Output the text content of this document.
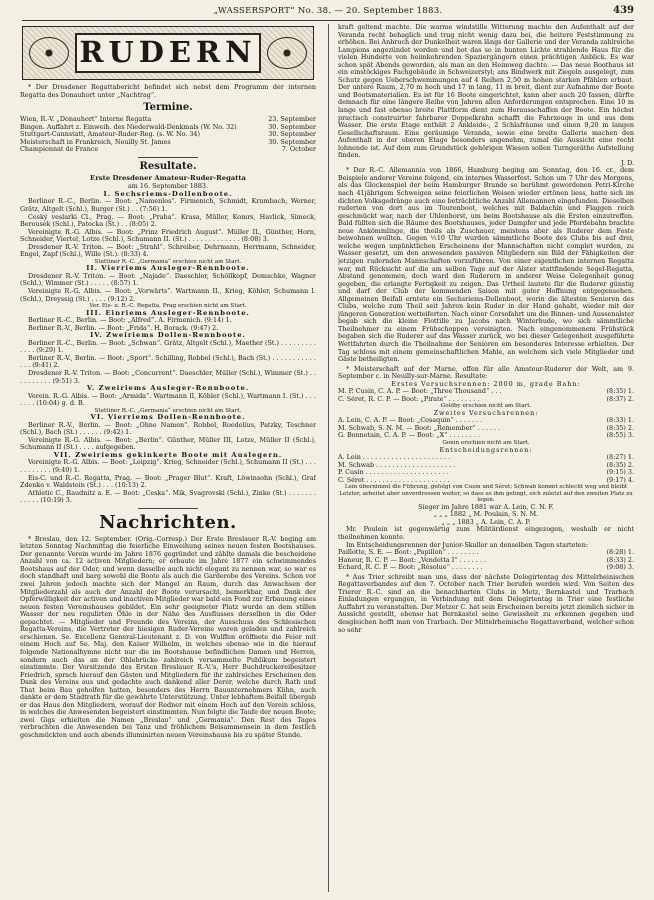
„WASSERSPORT“ No. 38. — 20. September 1883.	439
RUDERN

* Der Dresdener Regattabericht befindet sich nebst dem Programm der internen Regatta des Donauhort unter „Nachtrag“.

Termine.
Wien, R.-V. „Donauhort“ Interne Regatta	23. September
Bingen. Auffahrt z. Einweih. des Niederwald-Denkmals (W. No. 32)	30. September
Stuttgart-Cannstatt, Amateur-Ruder-Reg. (s. W. No. 34)	30. September
Meisterschaft in Frankreich, Neuilly St. James	30. September
Championnat de France	7. October
Resultate.
Erste Dresdener Amateur-Ruder-Regatta
am 16. September 1883.

I. Sechsriems-Dollenboote.

Berliner R.-C., Berlin. — Boot: „Namenlos“. Firmenich, Schmidt, Krumbach, Werner, Grätz, Altgelt (Schl.), Burger (St.) . . (7:56) 1.

Ceský veslarki Cl., Prag. — Boot: „Praha“. Krasa, Müller, Komrs, Havlick, Simeck, Berousek (Schl.), Patocka (St.) . . (8:05) 2.

Vereinigte R.-G. Albis. — Boot: „Prinz Friedrich August“. Müller II., Günther, Horn, Schneider, Viertel, Lotze (Schl.), Schumann II. (St.) . . . . . . . . . . . . . (8:08) 3.

Dresdener R.-V. Triton. — Boot: „Strahl“. Schreiber, Dehrmann, Herrmann, Schneider, Engel, Zapf (Schl.), Wille (St.). (8:33) 4.

Stettiner R.-C. „Germania“ erschien nicht am Start.

II. Vierriems Ausleger-Rennboote.

Dresdener R.-V. Triton. — Boot: „Najade“. Daeschler, Schöllkopf, Domschke, Wagner (Schl.), Wimmer (St.) . . . . . (8:57) 1.

Vereinigte R.-G. Albis. — Boot: „Vorwärts“. Wartmann II., Krieg, Köhler, Schumann I. (Schl.), Dreyssig (St.) . . . . (9:12) 2.

Ver. Eis- u. R.-C. Regatta, Prag erschien nicht am Start.

III. Einriems Ausleger-Rennboote.

Berliner R.-C., Berlin. — Boot: „Alfred“. A. Firmenich. (9:14) 1.

Berliner R.-V., Berlin. — Boot: „Frida“. H. Borack. (9:47) 2.

IV. Zweiriems Dollen-Rennboote.

Berliner R.-C., Berlin. — Boot: „Schwan“. Grätz, Altgelt (Schl.), Maether (St.) . . . . . . . . . . . . . (9:29) 1.

Berliner R.-V., Berlin. — Boot: „Sport“. Schilling, Robbel (Schl.), Bach (St.) . . . . . . . . . . . . . . (9:41) 2.

Dresdener R.-V. Triton. — Boot: „Concurrent“. Daeschler, Müller (Schl.), Wimmer (St.) . . . . . . . . . . (9:51) 3.

V. Zweiriems Ausleger-Rennboote.

Verein. R.-G. Albis. — Boot: „Armida“. Wartmann II, Köhler (Schl.), Wartmann I. (St.) . . . . . . . (10:04) g. d. B.

Stettiner R.-C. „Germania“ erschien nicht am Start.

VI. Vierriems Dollen-Rennboote.

Berliner R.-V., Berlin. — Boot: „Ohne Namen“. Robbel, Roedelius, Patzky, Teschner (Schl.), Bach (St.) . . . . . . (9:42) 1.

Vereinigte R.-G. Albis. — Boot: „Berlin“. Günther, Müller III, Lotze, Müller II (Schl.), Schumann II (St.) . . . . aufgegeben.

VII. Zweiriems gekinkerte Boote mit Auslegern.

Vereinigte R.-G. Albis. — Boot: „Leipzig“. Krieg, Schneider (Schl.), Schumann II (St.) . . . . . . . . . . . (9:49) 1.

Eis-C. und R.-C. Regatta, Prag. — Boot: „Prager Blut“. Kraft, Löwinsohn (Schl.), Graf Zdenko v. Waldstein (St.) . . . (10:13) 2.

Athletic C., Raudnitz a. E. — Boot: „Ceska“. Mik, Svagrovski (Schl.), Zinke (St.) . . . . . . . . . . . . (10:19) 3.

Nachrichten.

* Breslau, den 12. September. (Orig.-Corresp.) Der Erste Breslauer R.-V. beging am letzten Sonntag Nachmittag die feierliche Einweihung seines neuen festen Bootshauses. Der genannte Verein wurde im Jahre 1876 gegründet und zählte damals die bescheidene Anzahl von ca. 12 activen Mitgliedern; er erbaute im Jahre 1877 ein schwimmendes Bootshaus auf der Oder, und wenn dasselbe auch nicht elegant zu nennen war, so war es doch standhaft und barg sowohl die Boote als auch die Garderobe des Vereins. Schon vor zwei Jahren jedoch machte sich der Mangel an Raum, durch das Anwachsen der Mitgliederzahl als auch der Anzahl der Boote verursacht, bemerkbar, und Dank der Opferwilligkeit der activen und inactiven Mitglieder war bald ein Fond zur Erbauung eines neuen festen Vereinshauses gebildet. Ein sehr geeigneter Platz wurde an dem stillen Wasser der neu regulirten Ohle in der Nähe des Ausflusses derselben in die Oder gepachtet. — Mitglieder und Freunde des Vereins, der Ausschuss des Schlesischen Regatta-Vereins, die Vertreter der hiesigen Ruder-Vereine waren geladen und zahlreich erschienen. Se. Excellenz General-Lieutenant z. D. von Wulffen eröffnete die Feier mit einem Hoch auf Se. Maj. den Kaiser Wilhelm, in welches ebenso wie in die hierauf folgende Nationalhymne nicht nur die im Bootshause befindlichen Damen und Herren, sondern auch das an der Ohlebrücke zahlreich versammelte Publikum begeistert einstimmte. Der Vorsitzende des Ersten Breslauer R.-V.'s, Herr Buchdruckereibesitzer Friedrich, sprach hierauf den Gästen und Mitgliedern für ihr zahlreiches Erscheinen den Dank des Vereins aus und gedachte auch dankend aller Derer, welche durch Rath und That beim Bau geholfen hatten, besonders des Herrn Bauunternehmers Kühn, auch dankte er dem Stadtrath für die gewährte Unterstützung. Unter lebhaftem Beifall übergab er das Haus den Mitgliedern, worauf der Redner mit einem Hoch auf den Verein schloss, in welches die Anwesenden begeistert einstimmten. Nun folgte die Taufe der neuen Boote; zwei Gigs erhielten die Namen „Breslau“ und „Germania“. Den Rest des Tages verbrachten die Anwesenden bei Tanz und fröhlichem Beisammensein in dem festlich geschmückten und auch abends illuminirten neuen Vereinshause bis zu später Stunde.

kraft geltend machte. Die warme windstille Witterung machte den Aufenthalt auf der Veranda recht behaglich und trug nicht wenig dazu bei, die heitere Feststimmung zu erhöhen. Bei Anbruch der Dunkelheit waren längs der Gallerie und der Veranda zahlreiche Lampions angezündet worden und bot das so in bunten Lichte strahlende Haus für die vielen Hunderte von heimkehrenden Spaziergängern einen prächtigen Anblick. Es war schon spät Abends geworden, als man an den Heimweg dachte. — Das neue Boothaus ist ein einstöckiges Fachgebäude in Schweizerstyl; ans Bindwerk mit Ziegeln ausgelegt, zum Schutz gegen Ueberschwemmungen auf 4 Reihen 2,50 m hohen starken Pfählen erbaut. Der untere Raum, 2,70 m hoch und 17 m lang, 11 m breit, dient zur Aufnahme der Boote und Bootsmaterialien. Es ist für 16 Boote eingerichtet, kann aber auch 20 fassen, dürfte demnach für eine längere Reihe von Jahren allen Anforderungen entsprechen. Eine 10 m lange und fast ebenso breite Plattform dient zum Herausschaffen der Boote. Ein höchst practisch construirter fahrbarer Doppelkrahn schafft die Fahrzeuge in und aus dem Wasser. Die erste Etage enthält 2 Ankleide-, 2 Schlafräume und einen 9,20 m langen Gesellschaftsraum. Eine geräumige Veranda, sowie eine breite Gallerie machen den Aufenthalt in der oberen Etage besonders angenehm, zumal die Aussicht eine recht lohnende ist. Auf dem zum Grundstück gehörigen Wiesen sollen Turngeräthe Aufstellung finden.

J. D.

* Der R.-C. Allemannia von 1866, Hamburg beging am Sonntag, den 16. cr., dem Beispiele anderer Vereine folgend, ein internes Wasserfest. Schon um 7 Uhr des Morgens, als das Glockenspiel der beim Hamburger Brande so berühmt gewordenen Petri-Kirche nach 41jährigem Schweigen seine feierlichen Weisen wieder ertönen liess, hatte sich im dichten Volksgedränge auch eine beträchtliche Anzahl Allemannen eingefunden. Dieselben ruderten von dort aus im Tourenboot, welches mit Baldachin und Flaggen reich geschmückt war, nach der Uhlenhorst, um beim Bootshause als die Ersten einzutreffen. Bald füllten sich die Räume des Bootshauses, jeder Dampfer und jede Pferdebahn brachte neue Ankömmlinge, die theils als Zuschauer, meistens aber als Ruderer dem Feste beiwohnen wollten. Gegen ½10 Uhr wurden sämmtliche Boote des Clubs bis auf drei, welche wegen unpünktlichen Erscheinens der Mannschaften nicht complet wurden, zu Wasser gesetzt, um den anwesenden passiven Mitgliedern ein Bild der Fähigkeiten der jetzigen rudernden Mannschaften vorzuführen. Von einer eigentlichen internen Regatta war, mit Rücksicht auf die am selben Tage auf der Alster stattfindende Segel-Regatta, Abstand genommen, doch ward den Ruderern in anderer Weise Gelegenheit genug gegeben, die erlangte Fertigkeit zu zeigen. Das Urtheil lautete für die Ruderer günstig und darf der Club der kommenden Saison mit guter Hoffnung entgegensehen. Allgemeinen Beifall erntete ein Sechsriems-Dollenboot, worin die ältesten Senioren des Clubs, welche zum Theil seit Jahren kein Ruder in der Hand gehabt, wieder mit der jüngeren Generation wetteiferten. Nach einer Corsofahrt um die Binnen- und Aussenalster begab sich die kleine Flottille zu Jacobs nach Winterhude, wo sich sämmtliche Theilnehmer zu einem Frühschoppen vereinigten. Nach eingenommenem Frühstück begaben sich die Ruderer auf das Wasser zurück, wo bei dieser Gelegenheit ausgeführte Wettfahrten durch die Theilnahme der Senioren ein besonderes Interesse erhielten. Der Tag schloss mit einem gemeinschaftlichen Mahle, an welchem sich viele Mitglieder und Gäste betheiligten.

* Meisterschaft auf der Marne, offen für alle Amateur-Ruderer der Welt, am 9. September c. in Neuilly-sur-Marne. Resultate:

Erstes Versuchsrennen: 2000 m, grade Bahn:
M. P. Cusin, C. A. P. — Boot: „Three Thousand“ . . .	(8:35) 1.
C. Séret, R. C. P. — Boot: „Pirate“ . . . . . . . .	(8:37) 2.
Goldby erschien nicht am Start.
Zweites Versuchsrennen:
A. Lein, C. A. P. — Boot: „Cosaquin“ . . . . . . .	(8:33) 1.
M. Schwab, S. N. M. — Boot: „Remember“ . . . . . .	(8:35) 2.
G. Bonnetain, C. A. P. — Boot: „X“ . . . . . . . .	(8:55) 3.
Gonin erschien nicht am Start.
Entscheidungsrennen:
A. Lein . . . . . . . . . . . . . . . . . . . . . .	(8:27) 1.
M. Schwab . . . . . . . . . . . . . . . . . . . .	(8:35) 2.
P. Cusin . . . . . . . . . . . . . . . . . . . . .	(9:15) 3.
C. Séret . . . . . . . . . . . . . . . . . . . . .	(9:17) 4.

Lein übernimmt die Führung, gefolgt von Cusin und Séret; Schwab kommt schlecht weg und bleibt Letzter, arbeitet aber unverdrossen weiter, so dass es ihm gelingt, sich zuletzt auf den zweiten Platz zu legen.

Sieger im Jahre 1881 war A. Lein, C. N. F.
„ „ „ 1882 „ M. Poulain, S. N. M.
„ „ „ 1883 „ A. Lein, C. A. P.

Mr. Poulein ist gegenwärtig zum Militärdienst eingezogen, weshalb er nicht theilnehmen konnte.

Im Entscheidungsrennen der Junior-Skuller an denselben Tagen starteten:

Paillotte, S. E. — Boot: „Papillon“ . . . . . . . .	(8:28) 1.
Haneur, R. C. P. — Boot: „Vendetta I“ . . . . . . .	(8:33) 2.
Echard, R. C. P. — Boot: „Résolue“ . . . . . . . .	(9:08) 3.

* Aus Trier schreibt man uns, dass der nächste Delegirtentag des Mittelrheinischen Regattaverbandes auf den 7. October nach Trier berufen werden wird. Von Seiten des Trierer R.-C. sind an die benachbarten Clubs in Metz, Bernkastel und Trarbach Einladungen ergangen, in Verbindung mit dem Delegirtentag in Trier eine festliche Auffahrt zu veranstalten. Der Metzer C. hat sein Erscheinen bereits jetzt ziemlich sicher in Aussicht gestellt, ebenso hat Bernkastel seine Gewissheit zu erkennen gegeben und desgleichen hofft man von Trarbach. Der Mittelrheinische Regattaverband, welcher schon so sehr
